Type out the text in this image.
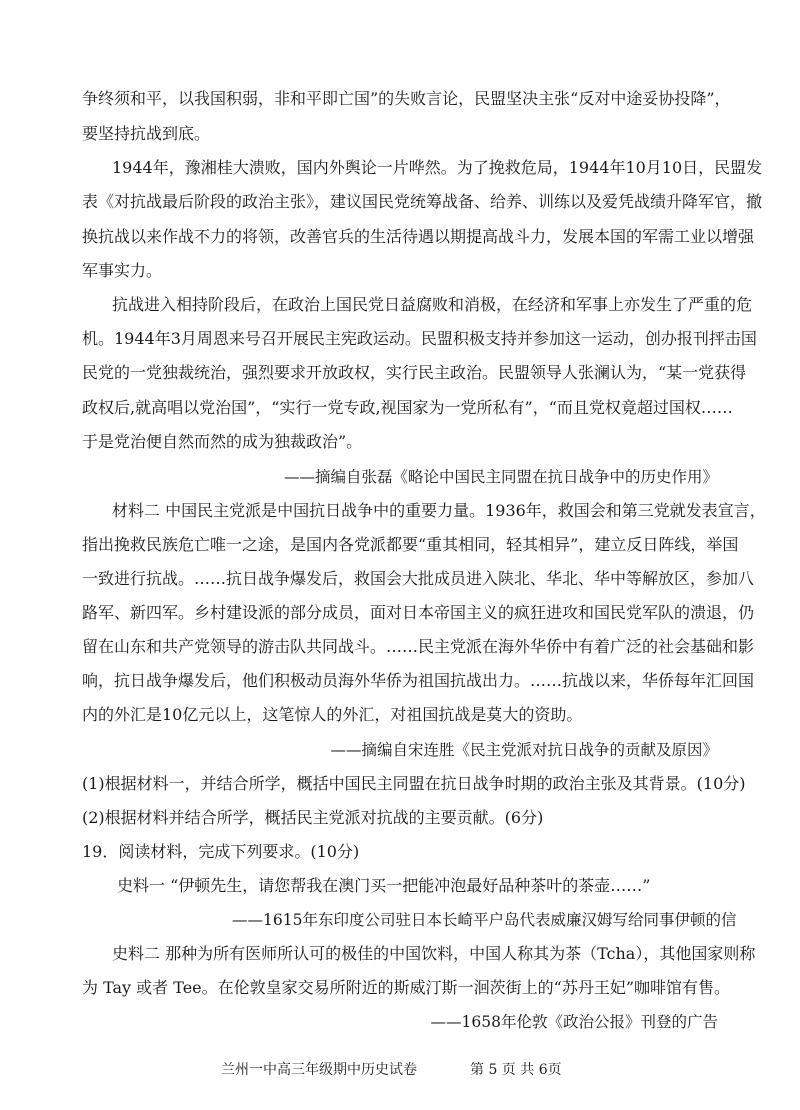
争终须和平，以我国积弱，非和平即亡国”的失败言论，民盟坚决主张“反对中途妥协投降”，
要坚持抗战到底。
1944年，豫湘桂大溃败，国内外舆论一片哗然。为了挽救危局，1944年10月10日，民盟发
表《对抗战最后阶段的政治主张》，建议国民党统筹战备、给养、训练以及爱凭战绩升降军官，撤
换抗战以来作战不力的将领，改善官兵的生活待遇以期提高战斗力，发展本国的军需工业以增强
军事实力。
抗战进入相持阶段后，在政治上国民党日益腐败和消极，在经济和军事上亦发生了严重的危
机。1944年3月周恩来号召开展民主宪政运动。民盟积极支持并参加这一运动，创办报刊抨击国
民党的一党独裁统治，强烈要求开放政权，实行民主政治。民盟领导人张澜认为，“某一党获得
政权后,就高唱以党治国”，“实行一党专政,视国家为一党所私有”，“而且党权竟超过国权……
于是党治便自然而然的成为独裁政治”。
——摘编自张磊《略论中国民主同盟在抗日战争中的历史作用》
材料二 中国民主党派是中国抗日战争中的重要力量。1936年，救国会和第三党就发表宣言，
指出挽救民族危亡唯一之途，是国内各党派都要“重其相同，轻其相异”，建立反日阵线，举国
一致进行抗战。……抗日战争爆发后，救国会大批成员进入陕北、华北、华中等解放区，参加八
路军、新四军。乡村建设派的部分成员，面对日本帝国主义的疯狂进攻和国民党军队的溃退，仍
留在山东和共产党领导的游击队共同战斗。……民主党派在海外华侨中有着广泛的社会基础和影
响，抗日战争爆发后，他们积极动员海外华侨为祖国抗战出力。……抗战以来，华侨每年汇回国
内的外汇是10亿元以上，这笔惊人的外汇，对祖国抗战是莫大的资助。
——摘编自宋连胜《民主党派对抗日战争的贡献及原因》
(1)根据材料一，并结合所学，概括中国民主同盟在抗日战争时期的政治主张及其背景。(10分)
(2)根据材料并结合所学，概括民主党派对抗战的主要贡献。(6分)
19．阅读材料，完成下列要求。(10分)
史料一 “伊顿先生，请您帮我在澳门买一把能冲泡最好品种茶叶的茶壶……”
——1615年东印度公司驻日本长崎平户岛代表威廉汉姆写给同事伊顿的信
史料二 那种为所有医师所认可的极佳的中国饮料，中国人称其为茶（Tcha），其他国家则称
为 Tay 或者 Tee。在伦敦皇家交易所附近的斯威汀斯一洄茨街上的“苏丹王妃”咖啡馆有售。
——1658年伦敦《政治公报》刊登的广告
兰州一中高三年级期中历史试卷	第 5 页 共 6页
